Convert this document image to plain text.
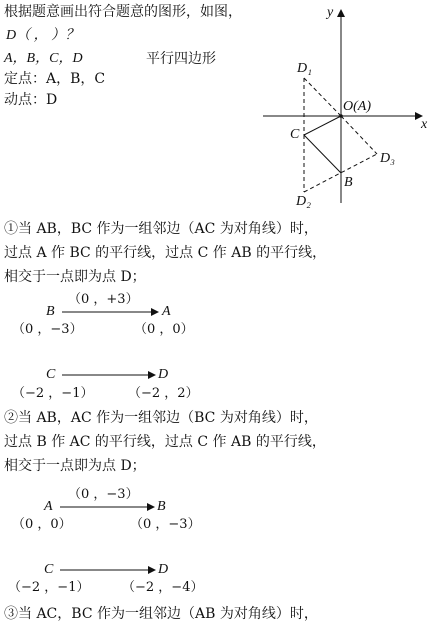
根据题意画出符合题意的图形，如图，
D（ ， ）？
A，B，C，D	平行四边形
定点：A，B，C
动点：D
y
x
O(A)
C
B
D₁
D₂
D₃
①当 AB，BC 作为一组邻边（AC 为对角线）时，
过点 A 作 BC 的平行线，过点 C 作 AB 的平行线，
相交于一点即为点 D；
B
（0 ，+3）
A
（0 ，−3）	（0 ，0）
C	D
（−2 ，−1）	（−2 ，2）
②当 AB，AC 作为一组邻边（BC 为对角线）时，
过点 B 作 AC 的平行线，过点 C 作 AB 的平行线，
相交于一点即为点 D；
A
（0 ，−3）
B
（0 ，0）	（0 ，−3）
C	D
（−2 ，−1）	（−2 ，−4）
③当 AC，BC 作为一组邻边（AB 为对角线）时，
